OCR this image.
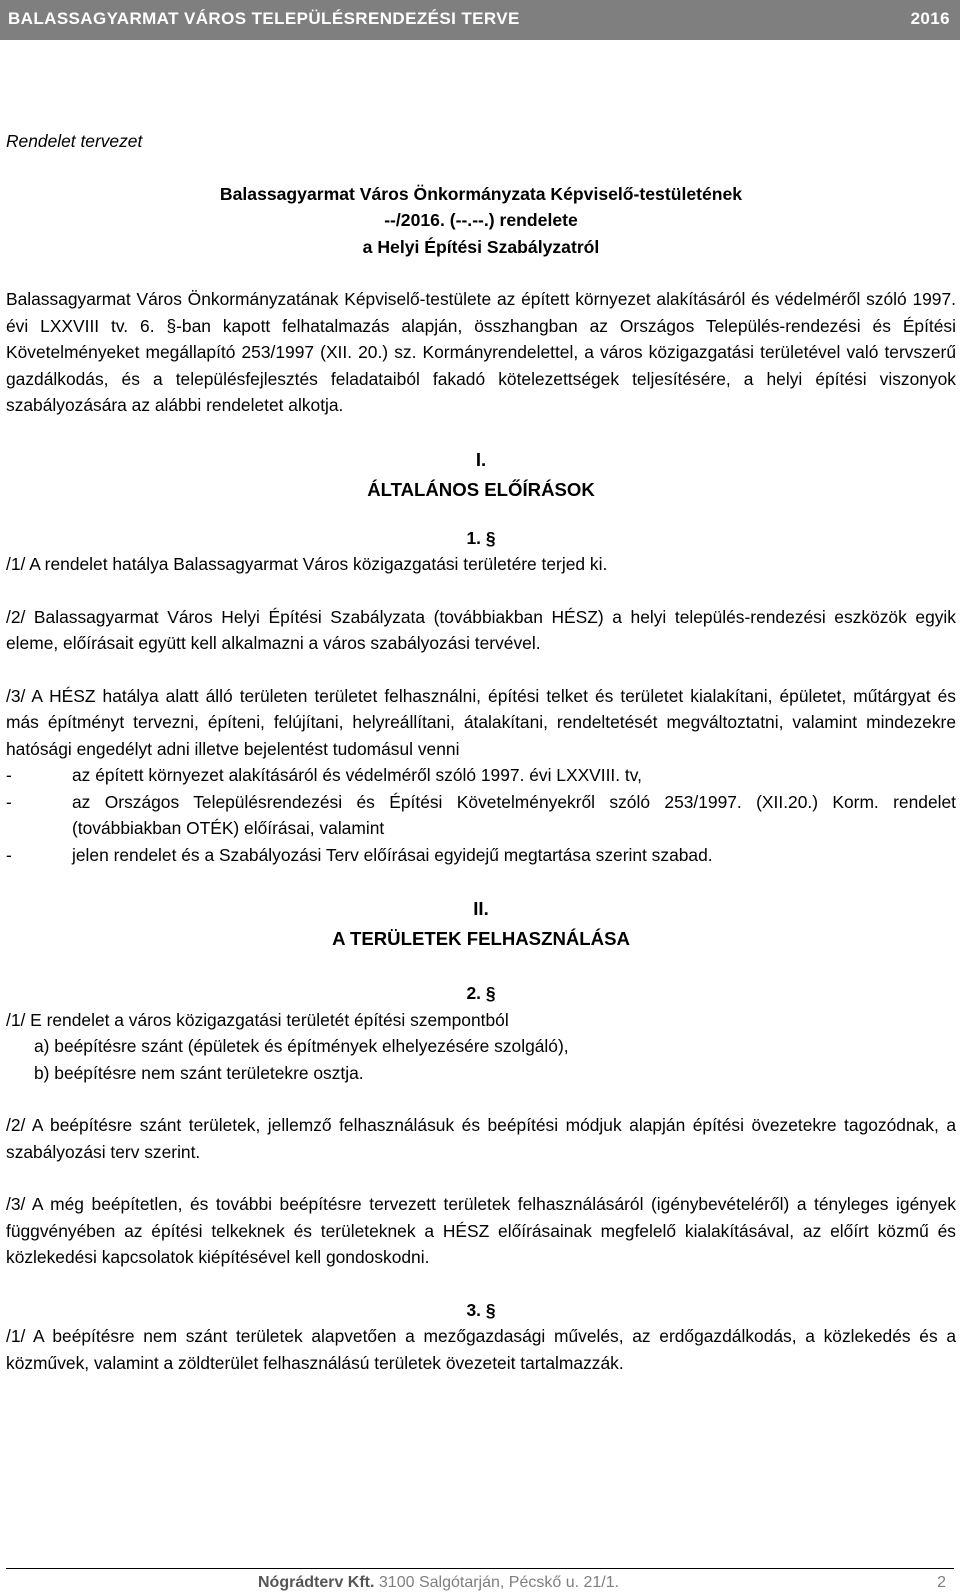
BALASSAGYARMAT VÁROS TELEPÜLÉSRENDEZÉSI TERVE	2016

Rendelet tervezet

Balassagyarmat Város Önkormányzata Képviselő-testületének

--/2016. (--.--.) rendelete

a Helyi Építési Szabályzatról

Balassagyarmat Város Önkormányzatának Képviselő-testülete az épített környezet alakításáról és védelméről szóló 1997. évi LXXVIII tv. 6. §-ban kapott felhatalmazás alapján, összhangban az Országos Település-rendezési és Építési Követelményeket megállapító 253/1997 (XII. 20.) sz. Kormányrendelettel, a város közigazgatási területével való tervszerű gazdálkodás, és a településfejlesztés feladataiból fakadó kötelezettségek teljesítésére, a helyi építési viszonyok szabályozására az alábbi rendeletet alkotja.

I.

ÁLTALÁNOS ELŐÍRÁSOK

1. §

/1/ A rendelet hatálya Balassagyarmat Város közigazgatási területére terjed ki.

/2/ Balassagyarmat Város Helyi Építési Szabályzata (továbbiakban HÉSZ) a helyi település-rendezési eszközök egyik eleme, előírásait együtt kell alkalmazni a város szabályozási tervével.

/3/ A HÉSZ hatálya alatt álló területen területet felhasználni, építési telket és területet kialakítani, épületet, műtárgyat és más építményt tervezni, építeni, felújítani, helyreállítani, átalakítani, rendeltetését megváltoztatni, valamint mindezekre hatósági engedélyt adni illetve bejelentést tudomásul venni

-	az épített környezet alakításáról és védelméről szóló 1997. évi LXXVIII. tv,
-	az Országos Településrendezési és Építési Követelményekről szóló 253/1997. (XII.20.) Korm. rendelet (továbbiakban OTÉK) előírásai, valamint
-	jelen rendelet és a Szabályozási Terv előírásai egyidejű megtartása szerint szabad.

II.

A TERÜLETEK FELHASZNÁLÁSA

2. §

/1/ E rendelet a város közigazgatási területét építési szempontból

a) beépítésre szánt (épületek és építmények elhelyezésére szolgáló),
b) beépítésre nem szánt területekre osztja.

/2/ A beépítésre szánt területek, jellemző felhasználásuk és beépítési módjuk alapján építési övezetekre tagozódnak, a szabályozási terv szerint.

/3/ A még beépítetlen, és további beépítésre tervezett területek felhasználásáról (igénybevételéről) a tényleges igények függvényében az építési telkeknek és területeknek a HÉSZ előírásainak megfelelő kialakításával, az előírt közmű és közlekedési kapcsolatok kiépítésével kell gondoskodni.

3. §

/1/ A beépítésre nem szánt területek alapvetően a mezőgazdasági művelés, az erdőgazdálkodás, a közlekedés és a közművek, valamint a zöldterület felhasználású területek övezeteit tartalmazzák.

Nógrádterv Kft. 3100 Salgótarján, Pécskő u. 21/1.	2
